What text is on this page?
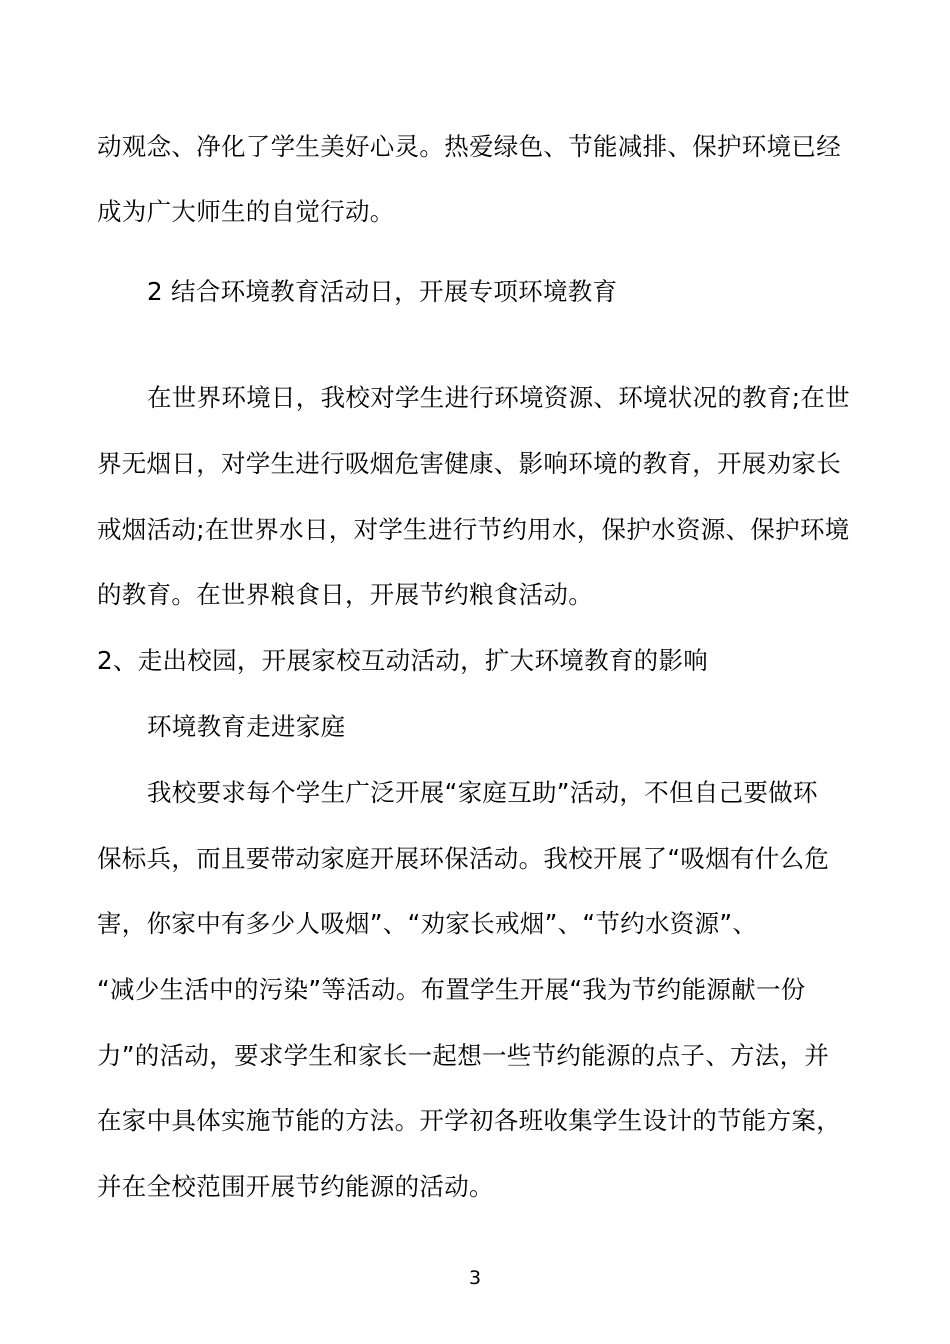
动观念、净化了学生美好心灵。热爱绿色、节能减排、保护环境已经
成为广大师生的自觉行动。
2 结合环境教育活动日，开展专项环境教育
在世界环境日，我校对学生进行环境资源、环境状况的教育;在世
界无烟日，对学生进行吸烟危害健康、影响环境的教育，开展劝家长
戒烟活动;在世界水日，对学生进行节约用水，保护水资源、保护环境
的教育。在世界粮食日，开展节约粮食活动。
2、走出校园，开展家校互动活动，扩大环境教育的影响
环境教育走进家庭
我校要求每个学生广泛开展“家庭互助”活动，不但自己要做环
保标兵，而且要带动家庭开展环保活动。我校开展了“吸烟有什么危
害，你家中有多少人吸烟”、“劝家长戒烟”、“节约水资源”、
“减少生活中的污染”等活动。布置学生开展“我为节约能源献一份
力”的活动，要求学生和家长一起想一些节约能源的点子、方法，并
在家中具体实施节能的方法。开学初各班收集学生设计的节能方案，
并在全校范围开展节约能源的活动。
3
